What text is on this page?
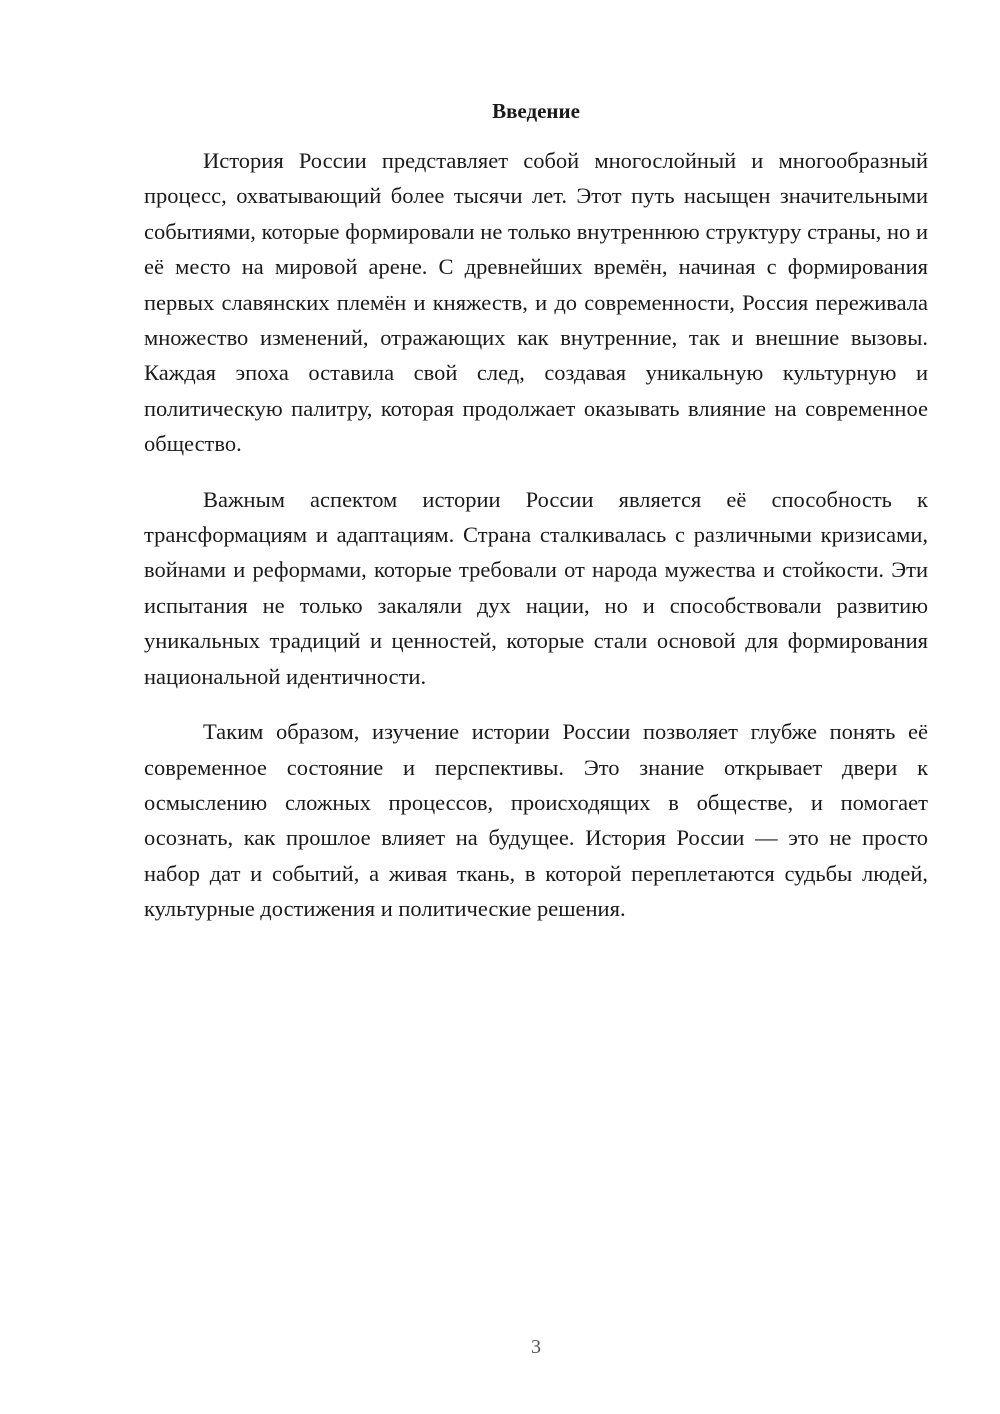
Введение

История России представляет собой многослойный и многообразный процесс, охватывающий более тысячи лет. Этот путь насыщен значительными событиями, которые формировали не только внутреннюю структуру страны, но и её место на мировой арене. С древнейших времён, начиная с формирования первых славянских племён и княжеств, и до современности, Россия переживала множество изменений, отражающих как внутренние, так и внешние вызовы. Каждая эпоха оставила свой след, создавая уникальную культурную и политическую палитру, которая продолжает оказывать влияние на современное общество.

Важным аспектом истории России является её способность к трансформациям и адаптациям. Страна сталкивалась с различными кризисами, войнами и реформами, которые требовали от народа мужества и стойкости. Эти испытания не только закаляли дух нации, но и способствовали развитию уникальных традиций и ценностей, которые стали основой для формирования национальной идентичности.

Таким образом, изучение истории России позволяет глубже понять её современное состояние и перспективы. Это знание открывает двери к осмыслению сложных процессов, происходящих в обществе, и помогает осознать, как прошлое влияет на будущее. История России — это не просто набор дат и событий, а живая ткань, в которой переплетаются судьбы людей, культурные достижения и политические решения.

3
